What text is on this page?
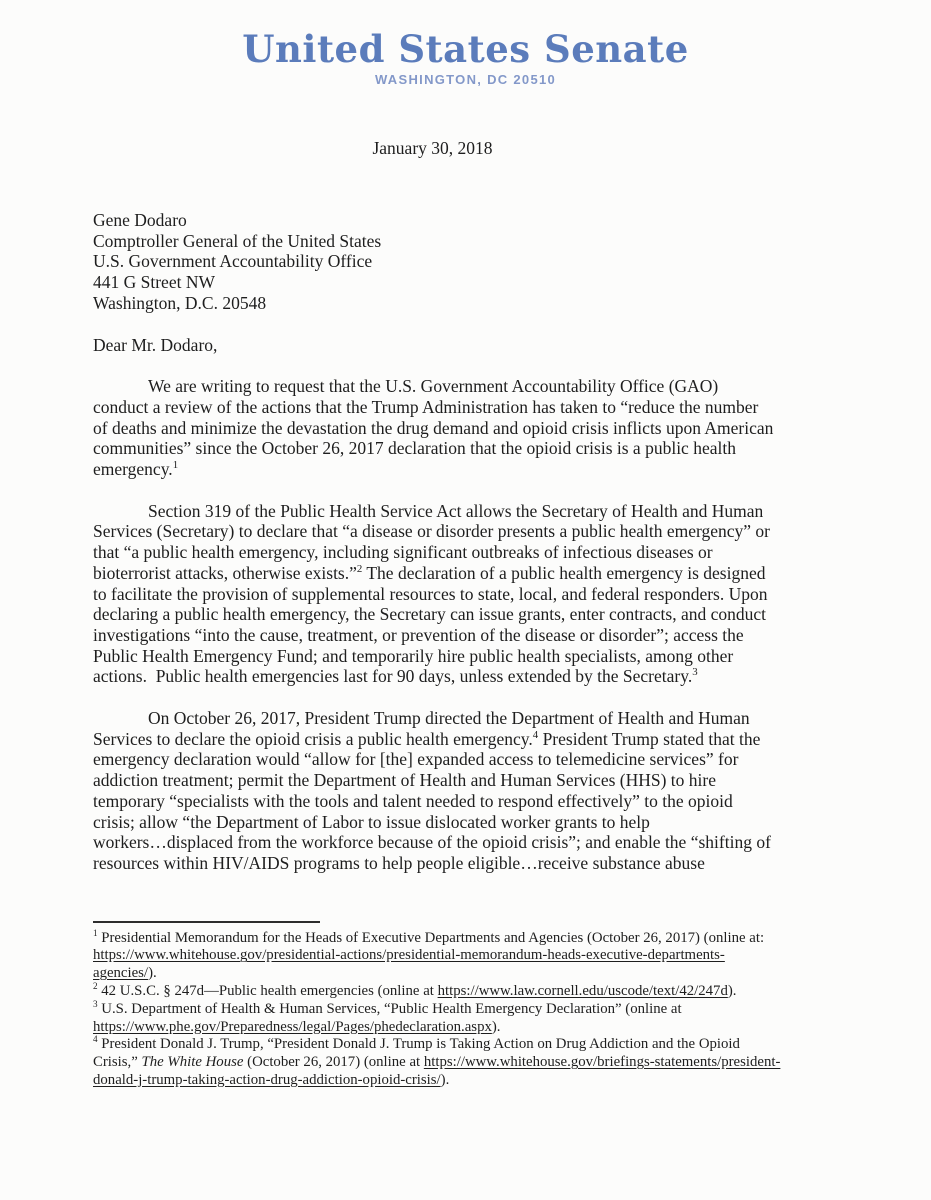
United States Senate
WASHINGTON, DC 20510
January 30, 2018
Gene Dodaro
Comptroller General of the United States
U.S. Government Accountability Office
441 G Street NW
Washington, D.C. 20548
Dear Mr. Dodaro,
We are writing to request that the U.S. Government Accountability Office (GAO)
conduct a review of the actions that the Trump Administration has taken to “reduce the number
of deaths and minimize the devastation the drug demand and opioid crisis inflicts upon American
communities” since the October 26, 2017 declaration that the opioid crisis is a public health
emergency.$^1$
Section 319 of the Public Health Service Act allows the Secretary of Health and Human
Services (Secretary) to declare that “a disease or disorder presents a public health emergency” or
that “a public health emergency, including significant outbreaks of infectious diseases or
bioterrorist attacks, otherwise exists.”$^2$ The declaration of a public health emergency is designed
to facilitate the provision of supplemental resources to state, local, and federal responders. Upon
declaring a public health emergency, the Secretary can issue grants, enter contracts, and conduct
investigations “into the cause, treatment, or prevention of the disease or disorder”; access the
Public Health Emergency Fund; and temporarily hire public health specialists, among other
actions.  Public health emergencies last for 90 days, unless extended by the Secretary.$^3$
On October 26, 2017, President Trump directed the Department of Health and Human
Services to declare the opioid crisis a public health emergency.$^4$ President Trump stated that the
emergency declaration would “allow for [the] expanded access to telemedicine services” for
addiction treatment; permit the Department of Health and Human Services (HHS) to hire
temporary “specialists with the tools and talent needed to respond effectively” to the opioid
crisis; allow “the Department of Labor to issue dislocated worker grants to help
workers…displaced from the workforce because of the opioid crisis”; and enable the “shifting of
resources within HIV/AIDS programs to help people eligible…receive substance abuse
$^1$ Presidential Memorandum for the Heads of Executive Departments and Agencies (October 26, 2017) (online at:
https://www.whitehouse.gov/presidential-actions/presidential-memorandum-heads-executive-departments-
agencies/).
$^2$ 42 U.S.C. § 247d—Public health emergencies (online at https://www.law.cornell.edu/uscode/text/42/247d).
$^3$ U.S. Department of Health & Human Services, “Public Health Emergency Declaration” (online at
https://www.phe.gov/Preparedness/legal/Pages/phedeclaration.aspx).
$^4$ President Donald J. Trump, “President Donald J. Trump is Taking Action on Drug Addiction and the Opioid
Crisis,” The White House (October 26, 2017) (online at https://www.whitehouse.gov/briefings-statements/president-
donald-j-trump-taking-action-drug-addiction-opioid-crisis/).
